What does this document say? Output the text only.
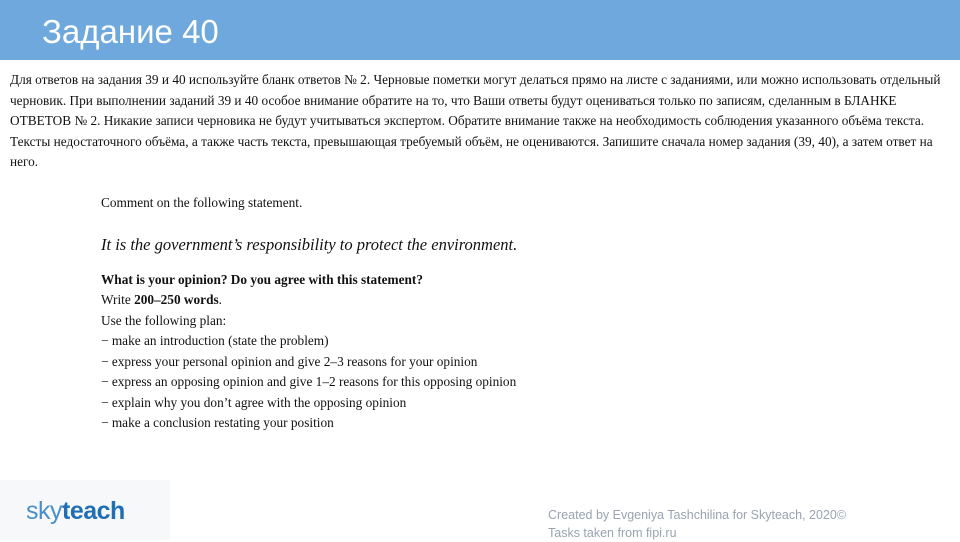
Задание 40

Для ответов на задания 39 и 40 используйте бланк ответов № 2. Черновые пометки могут делаться прямо на листе с заданиями, или можно использовать отдельный черновик. При выполнении заданий 39 и 40 особое внимание обратите на то, что Ваши ответы будут оцениваться только по записям, сделанным в БЛАНКЕ ОТВЕТОВ № 2. Никакие записи черновика не будут учитываться экспертом. Обратите внимание также на необходимость соблюдения указанного объёма текста. Тексты недостаточного объёма, а также часть текста, превышающая требуемый объём, не оцениваются. Запишите сначала номер задания (39, 40), а затем ответ на него.

Comment on the following statement.

It is the government’s responsibility to protect the environment.

What is your opinion? Do you agree with this statement?

Write 200–250 words.

Use the following plan:

− make an introduction (state the problem)

− express your personal opinion and give 2–3 reasons for your opinion

− express an opposing opinion and give 1–2 reasons for this opposing opinion

− explain why you don’t agree with the opposing opinion

− make a conclusion restating your position

skyteach	Created by Evgeniya Tashchilina for Skyteach, 2020©
Tasks taken from fipi.ru
